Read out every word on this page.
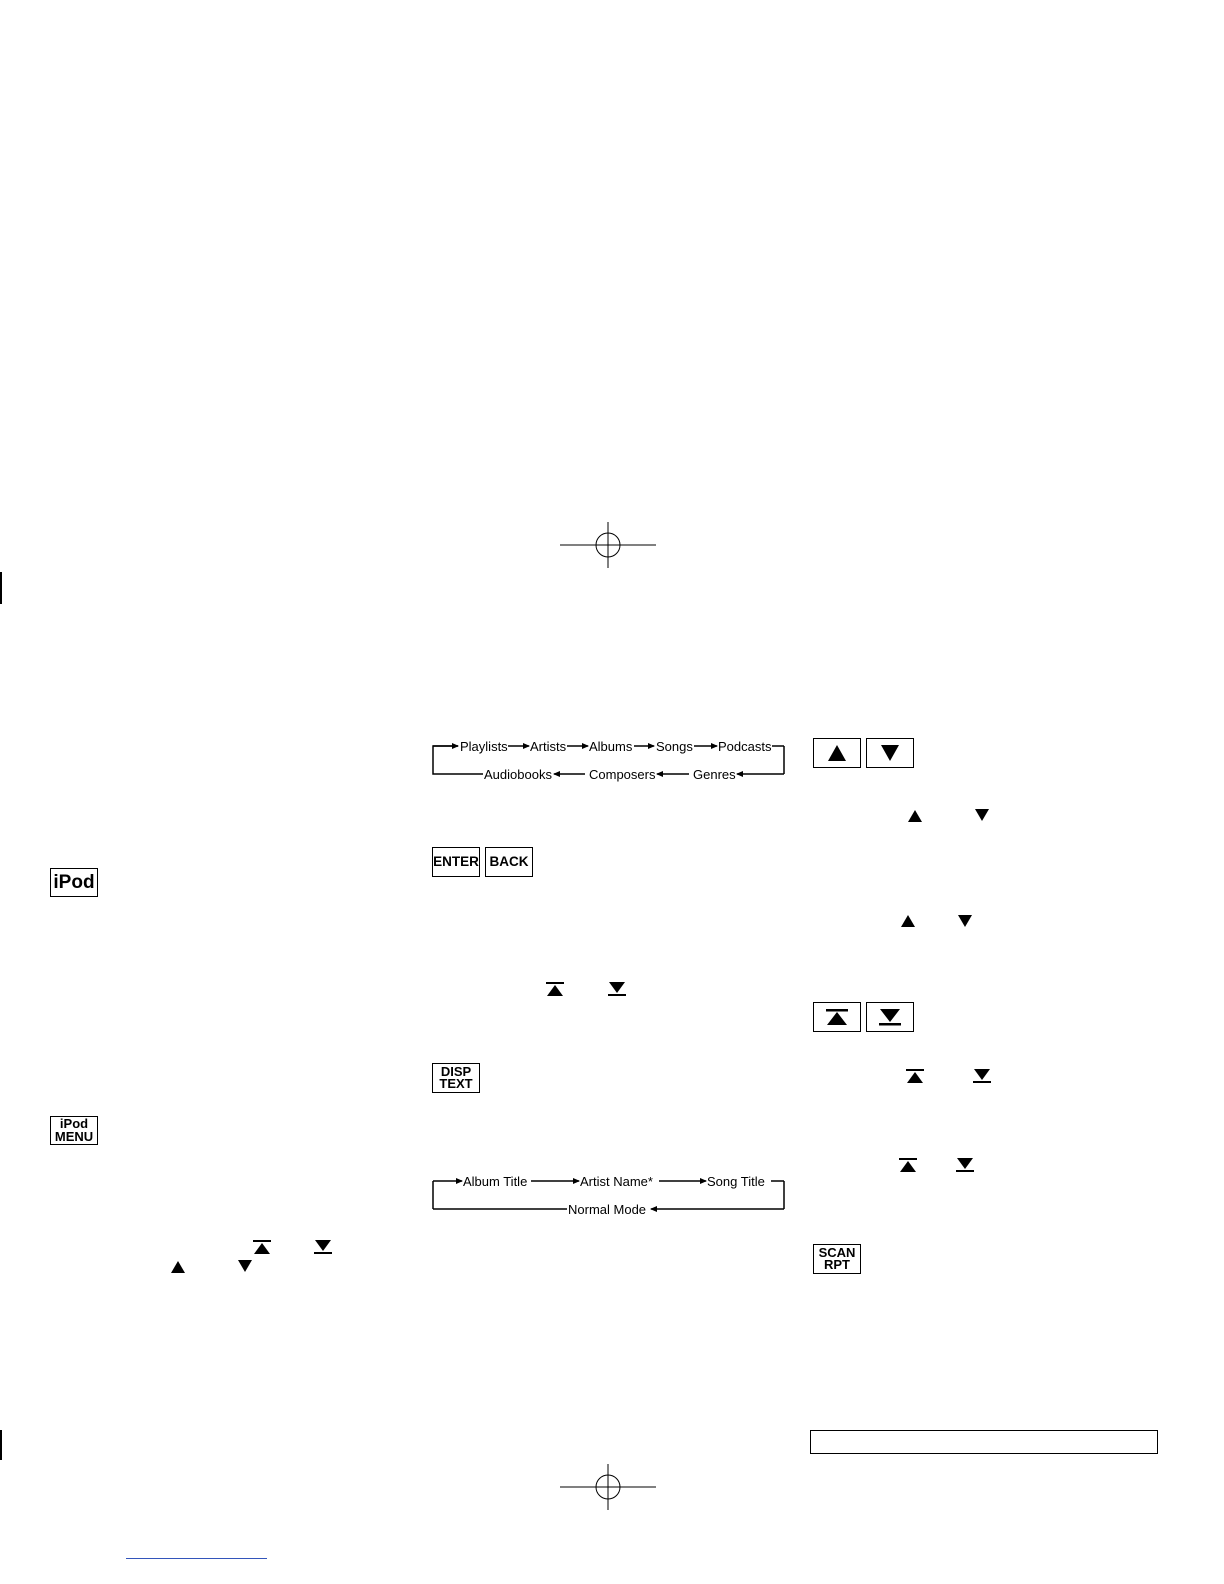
iPod
iPod
MENU
Playlists Artists Albums Songs Podcasts
Audiobooks	Composers	Genres
ENTER BACK
DISP
TEXT
Album Title	Artist Name*	Song Title
Normal Mode
SCAN
RPT
